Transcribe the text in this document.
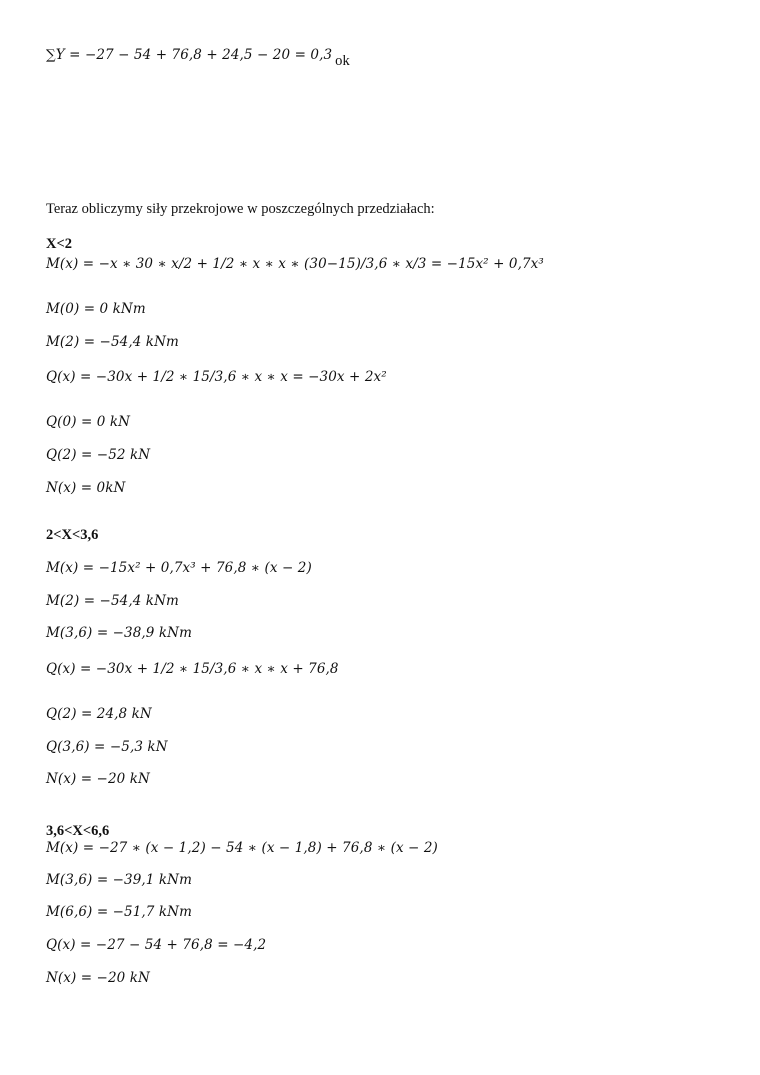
∑Y = −27 − 54 + 76,8 + 24,5 − 20 = 0,3 ok
Teraz obliczymy siły przekrojowe w poszczególnych przedziałach:
X<2
M(x) = −x ∗ 30 ∗ x/2 + 1/2 ∗ x ∗ x ∗ (30−15)/3,6 ∗ x/3 = −15x² + 0,7x³
M(0) = 0 kNm
M(2) = −54,4 kNm
Q(x) = −30x + 1/2 ∗ 15/3,6 ∗ x ∗ x = −30x + 2x²
Q(0) = 0 kN
Q(2) = −52 kN
N(x) = 0kN
2<X<3,6
M(x) = −15x² + 0,7x³ + 76,8 ∗ (x − 2)
M(2) = −54,4 kNm
M(3,6) = −38,9 kNm
Q(x) = −30x + 1/2 ∗ 15/3,6 ∗ x ∗ x + 76,8
Q(2) = 24,8 kN
Q(3,6) = −5,3 kN
N(x) = −20 kN
3,6<X<6,6
M(x) = −27 ∗ (x − 1,2) − 54 ∗ (x − 1,8) + 76,8 ∗ (x − 2)
M(3,6) = −39,1 kNm
M(6,6) = −51,7 kNm
Q(x) = −27 − 54 + 76,8 = −4,2
N(x) = −20 kN
